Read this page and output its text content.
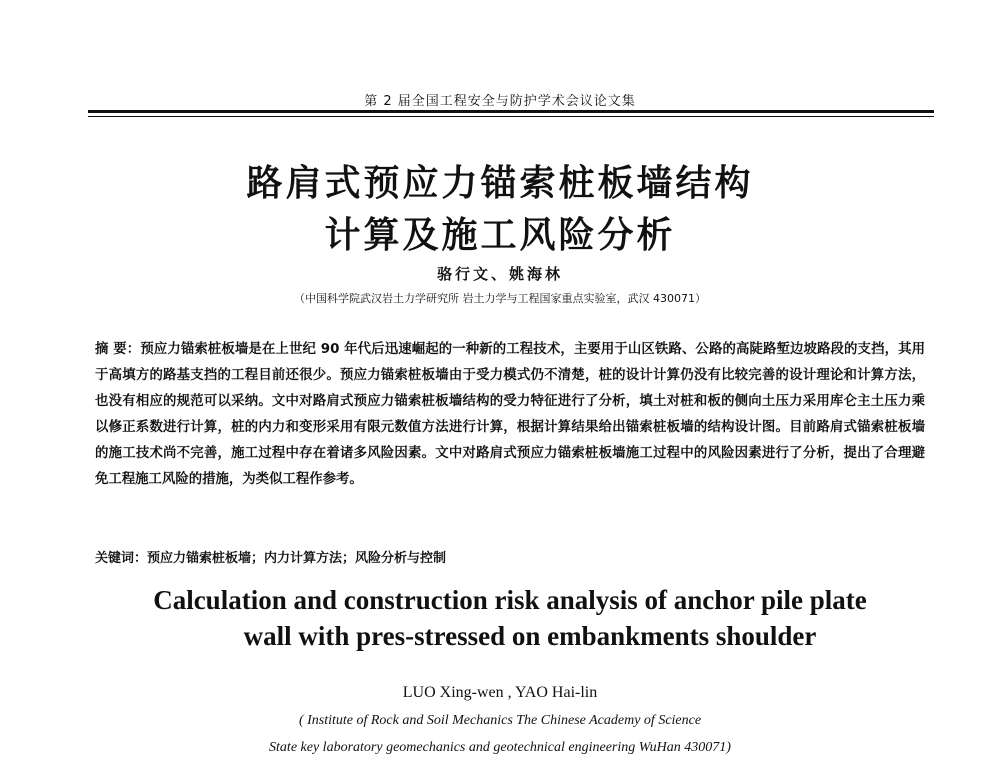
第 2 届全国工程安全与防护学术会议论文集
路肩式预应力锚索桩板墙结构
计算及施工风险分析
骆行文、姚海林
（中国科学院武汉岩土力学研究所 岩土力学与工程国家重点实验室，武汉 430071）

摘 要：预应力锚索桩板墙是在上世纪 90 年代后迅速崛起的一种新的工程技术，主要用于山区铁路、公路的高陡路堑边坡路段的支挡，其用于高填方的路基支挡的工程目前还很少。预应力锚索桩板墙由于受力模式仍不清楚，桩的设计计算仍没有比较完善的设计理论和计算方法，也没有相应的规范可以采纳。文中对路肩式预应力锚索桩板墙结构的受力特征进行了分析，填土对桩和板的侧向土压力采用库仑主土压力乘以修正系数进行计算，桩的内力和变形采用有限元数值方法进行计算，根据计算结果给出锚索桩板墙的结构设计图。目前路肩式锚索桩板墙的施工技术尚不完善，施工过程中存在着诸多风险因素。文中对路肩式预应力锚索桩板墙施工过程中的风险因素进行了分析，提出了合理避免工程施工风险的措施，为类似工程作参考。

关键词：预应力锚索桩板墙；内力计算方法；风险分析与控制
Calculation and construction risk analysis of anchor pile plate
wall with pres-stressed on embankments shoulder
LUO Xing-wen , YAO Hai-lin
( Institute of Rock and Soil Mechanics The Chinese Academy of Science
State key laboratory geomechanics and geotechnical engineering WuHan 430071)
